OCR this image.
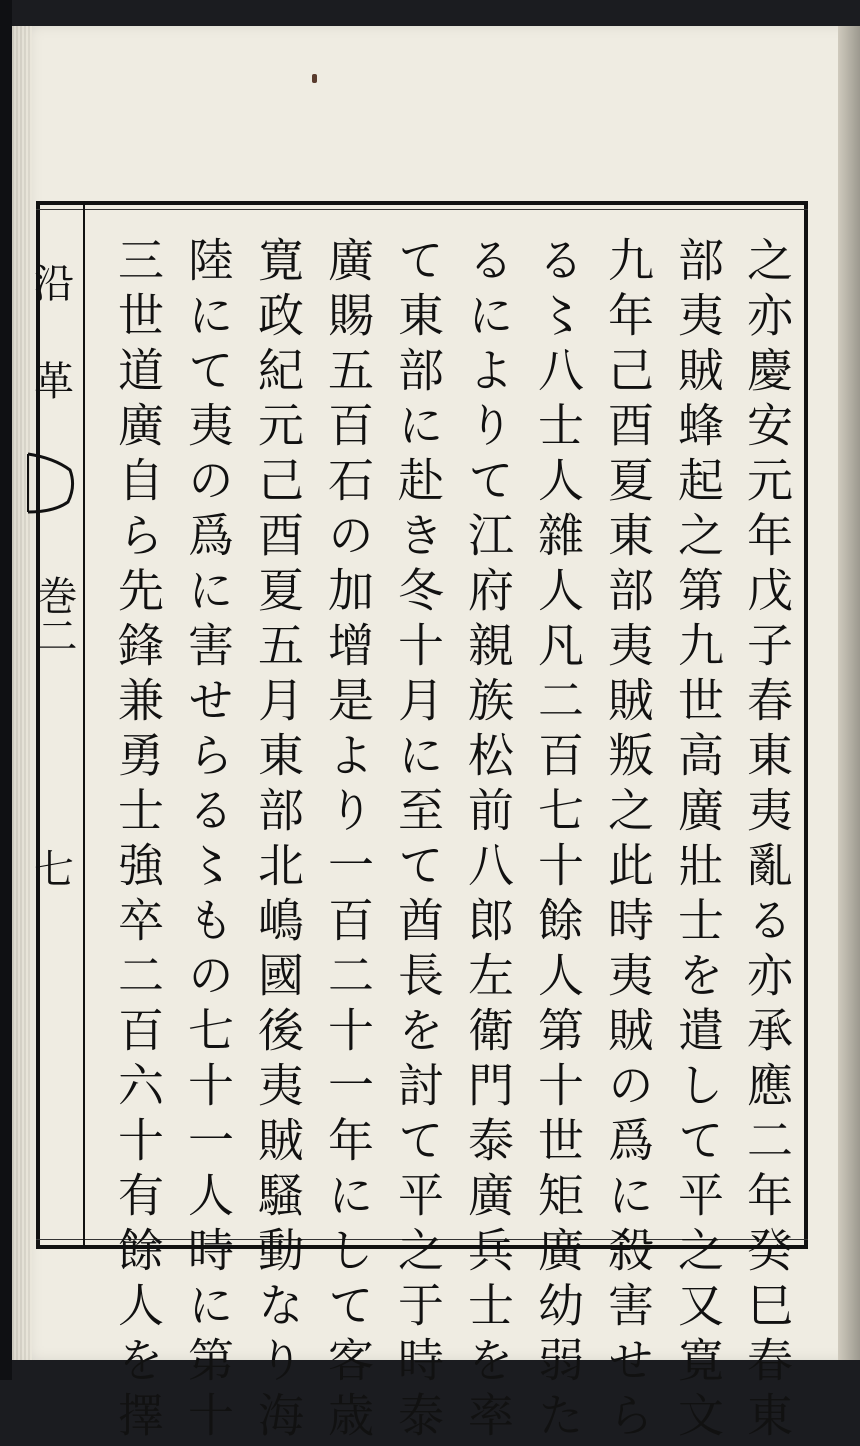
沿
革
巻二
七	之亦慶安元年戊子春東夷亂る亦承應二年癸巳春東
部夷賊蜂起之第九世高廣壯士を遣して平之又寛文
九年己酉夏東部夷賊叛之此時夷賊の爲に殺害せら
る〻八士人雜人凡二百七十餘人第十世矩廣幼弱た
るによりて江府親族松前八郎左衛門泰廣兵士を率
て東部に赴き冬十月に至て酋長を討て平之于時泰
廣賜五百石の加增是より一百二十一年にして客歳
寛政紀元己酉夏五月東部北嶋國後夷賊騷動なり海
陸にて夷の爲に害せらる〻もの七十一人時に第十
三世道廣自ら先鋒兼勇士強卒二百六十有餘人を擇
